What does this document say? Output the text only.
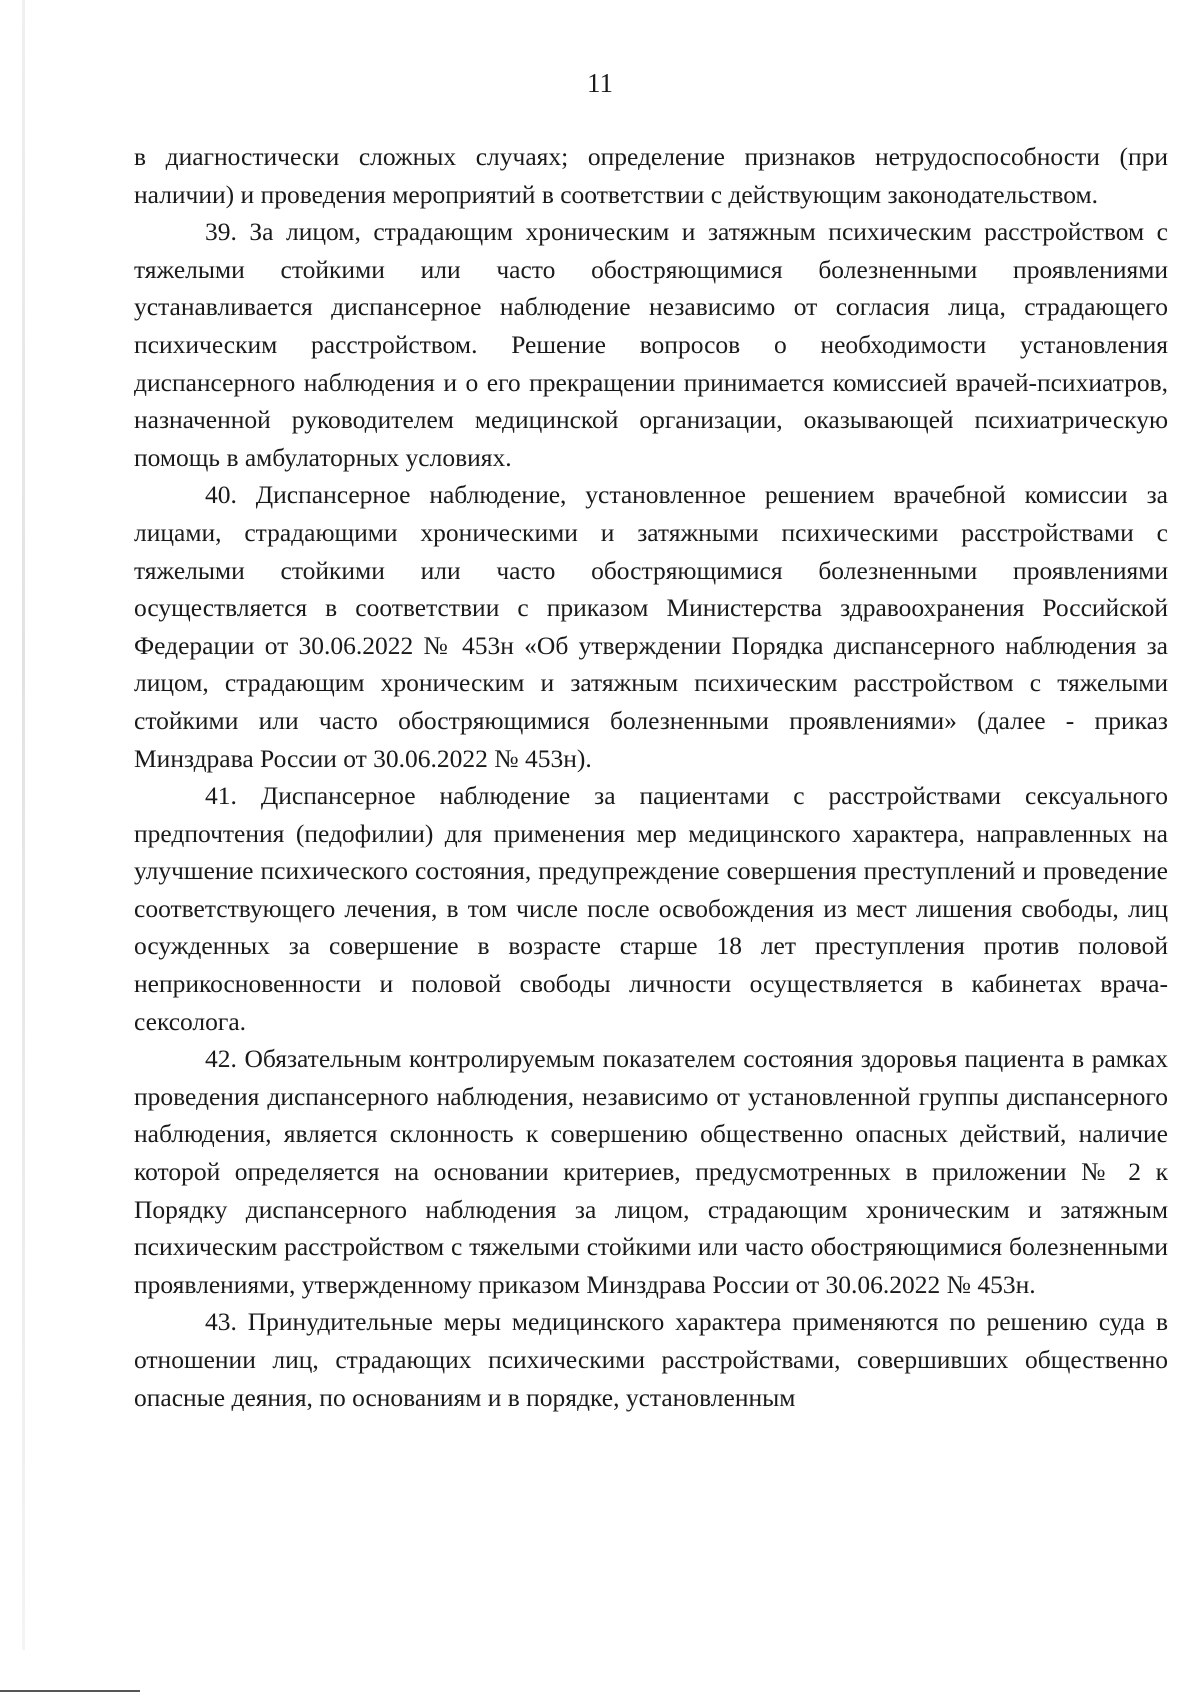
11

в диагностически сложных случаях; определение признаков нетрудоспособности (при наличии) и проведения мероприятий в соответствии с действующим законодательством.

39. За лицом, страдающим хроническим и затяжным психическим расстройством с тяжелыми стойкими или часто обостряющимися болезненными проявлениями устанавливается диспансерное наблюдение независимо от согласия лица, страдающего психическим расстройством. Решение вопросов о необходимости установления диспансерного наблюдения и о его прекращении принимается комиссией врачей-психиатров, назначенной руководителем медицинской организации, оказывающей психиатрическую помощь в амбулаторных условиях.

40. Диспансерное наблюдение, установленное решением врачебной комиссии за лицами, страдающими хроническими и затяжными психическими расстройствами с тяжелыми стойкими или часто обостряющимися болезненными проявлениями осуществляется в соответствии с приказом Министерства здравоохранения Российской Федерации от 30.06.2022 № 453н «Об утверждении Порядка диспансерного наблюдения за лицом, страдающим хроническим и затяжным психическим расстройством с тяжелыми стойкими или часто обостряющимися болезненными проявлениями» (далее - приказ Минздрава России от 30.06.2022 № 453н).

41. Диспансерное наблюдение за пациентами с расстройствами сексуального предпочтения (педофилии) для применения мер медицинского характера, направленных на улучшение психического состояния, предупреждение совершения преступлений и проведение соответствующего лечения, в том числе после освобождения из мест лишения свободы, лиц осужденных за совершение в возрасте старше 18 лет преступления против половой неприкосновенности и половой свободы личности осуществляется в кабинетах врача-сексолога.

42. Обязательным контролируемым показателем состояния здоровья пациента в рамках проведения диспансерного наблюдения, независимо от установленной группы диспансерного наблюдения, является склонность к совершению общественно опасных действий, наличие которой определяется на основании критериев, предусмотренных в приложении № 2 к Порядку диспансерного наблюдения за лицом, страдающим хроническим и затяжным психическим расстройством с тяжелыми стойкими или часто обостряющимися болезненными проявлениями, утвержденному приказом Минздрава России от 30.06.2022 № 453н.

43. Принудительные меры медицинского характера применяются по решению суда в отношении лиц, страдающих психическими расстройствами, совершивших общественно опасные деяния, по основаниям и в порядке, установленным
